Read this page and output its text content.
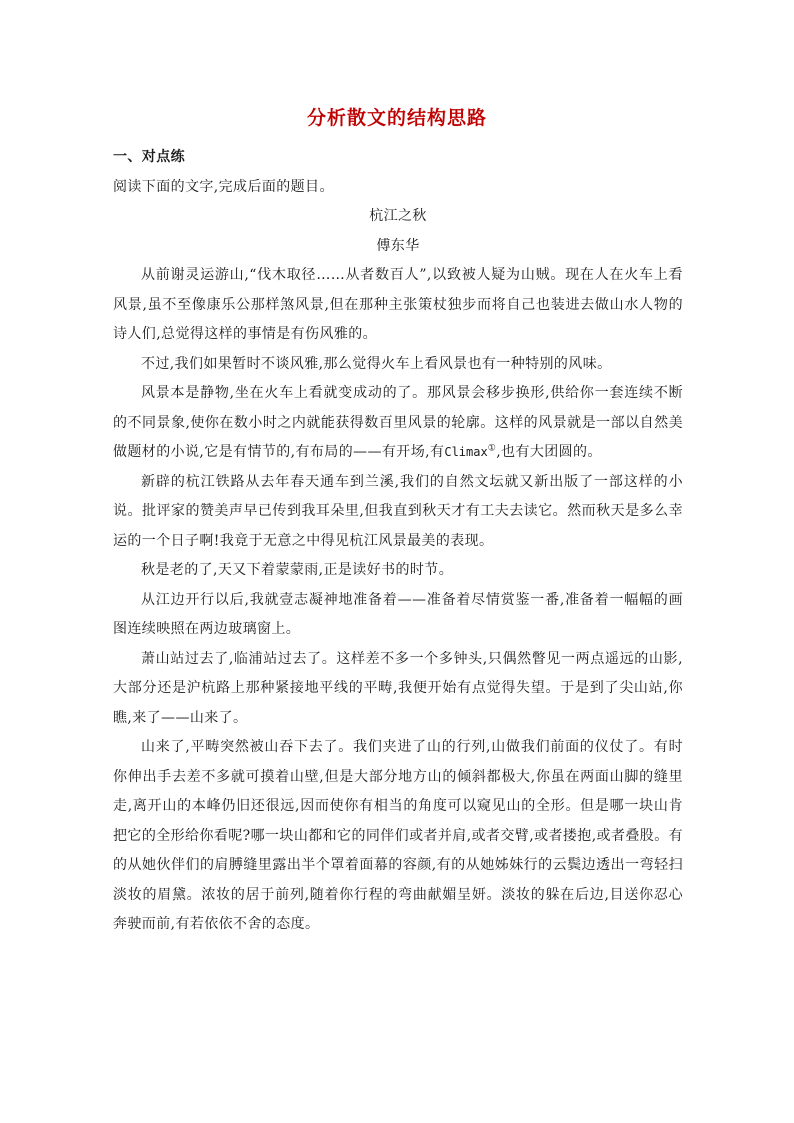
分析散文的结构思路

一、对点练

阅读下面的文字,完成后面的题目。

杭江之秋

傅东华

从前谢灵运游山,“伐木取径……从者数百人”,以致被人疑为山贼。现在人在火车上看风景,虽不至像康乐公那样煞风景,但在那种主张策杖独步而将自己也装进去做山水人物的诗人们,总觉得这样的事情是有伤风雅的。

不过,我们如果暂时不谈风雅,那么觉得火车上看风景也有一种特别的风味。

风景本是静物,坐在火车上看就变成动的了。那风景会移步换形,供给你一套连续不断的不同景象,使你在数小时之内就能获得数百里风景的轮廓。这样的风景就是一部以自然美做题材的小说,它是有情节的,有布局的——有开场,有Climax①,也有大团圆的。

新辟的杭江铁路从去年春天通车到兰溪,我们的自然文坛就又新出版了一部这样的小说。批评家的赞美声早已传到我耳朵里,但我直到秋天才有工夫去读它。然而秋天是多么幸运的一个日子啊!我竟于无意之中得见杭江风景最美的表现。

秋是老的了,天又下着蒙蒙雨,正是读好书的时节。

从江边开行以后,我就壹志凝神地准备着——准备着尽情赏鉴一番,准备着一幅幅的画图连续映照在两边玻璃窗上。

萧山站过去了,临浦站过去了。这样差不多一个多钟头,只偶然瞥见一两点遥远的山影,大部分还是沪杭路上那种紧接地平线的平畴,我便开始有点觉得失望。于是到了尖山站,你瞧,来了——山来了。

山来了,平畴突然被山吞下去了。我们夹进了山的行列,山做我们前面的仪仗了。有时你伸出手去差不多就可摸着山壁,但是大部分地方山的倾斜都极大,你虽在两面山脚的缝里走,离开山的本峰仍旧还很远,因而使你有相当的角度可以窥见山的全形。但是哪一块山肯把它的全形给你看呢?哪一块山都和它的同伴们或者并肩,或者交臂,或者搂抱,或者叠股。有的从她伙伴们的肩膊缝里露出半个罩着面幕的容颜,有的从她姊妹行的云鬓边透出一弯轻扫淡妆的眉黛。浓妆的居于前列,随着你行程的弯曲献媚呈妍。淡妆的躲在后边,目送你忍心奔驶而前,有若依依不舍的态度。
